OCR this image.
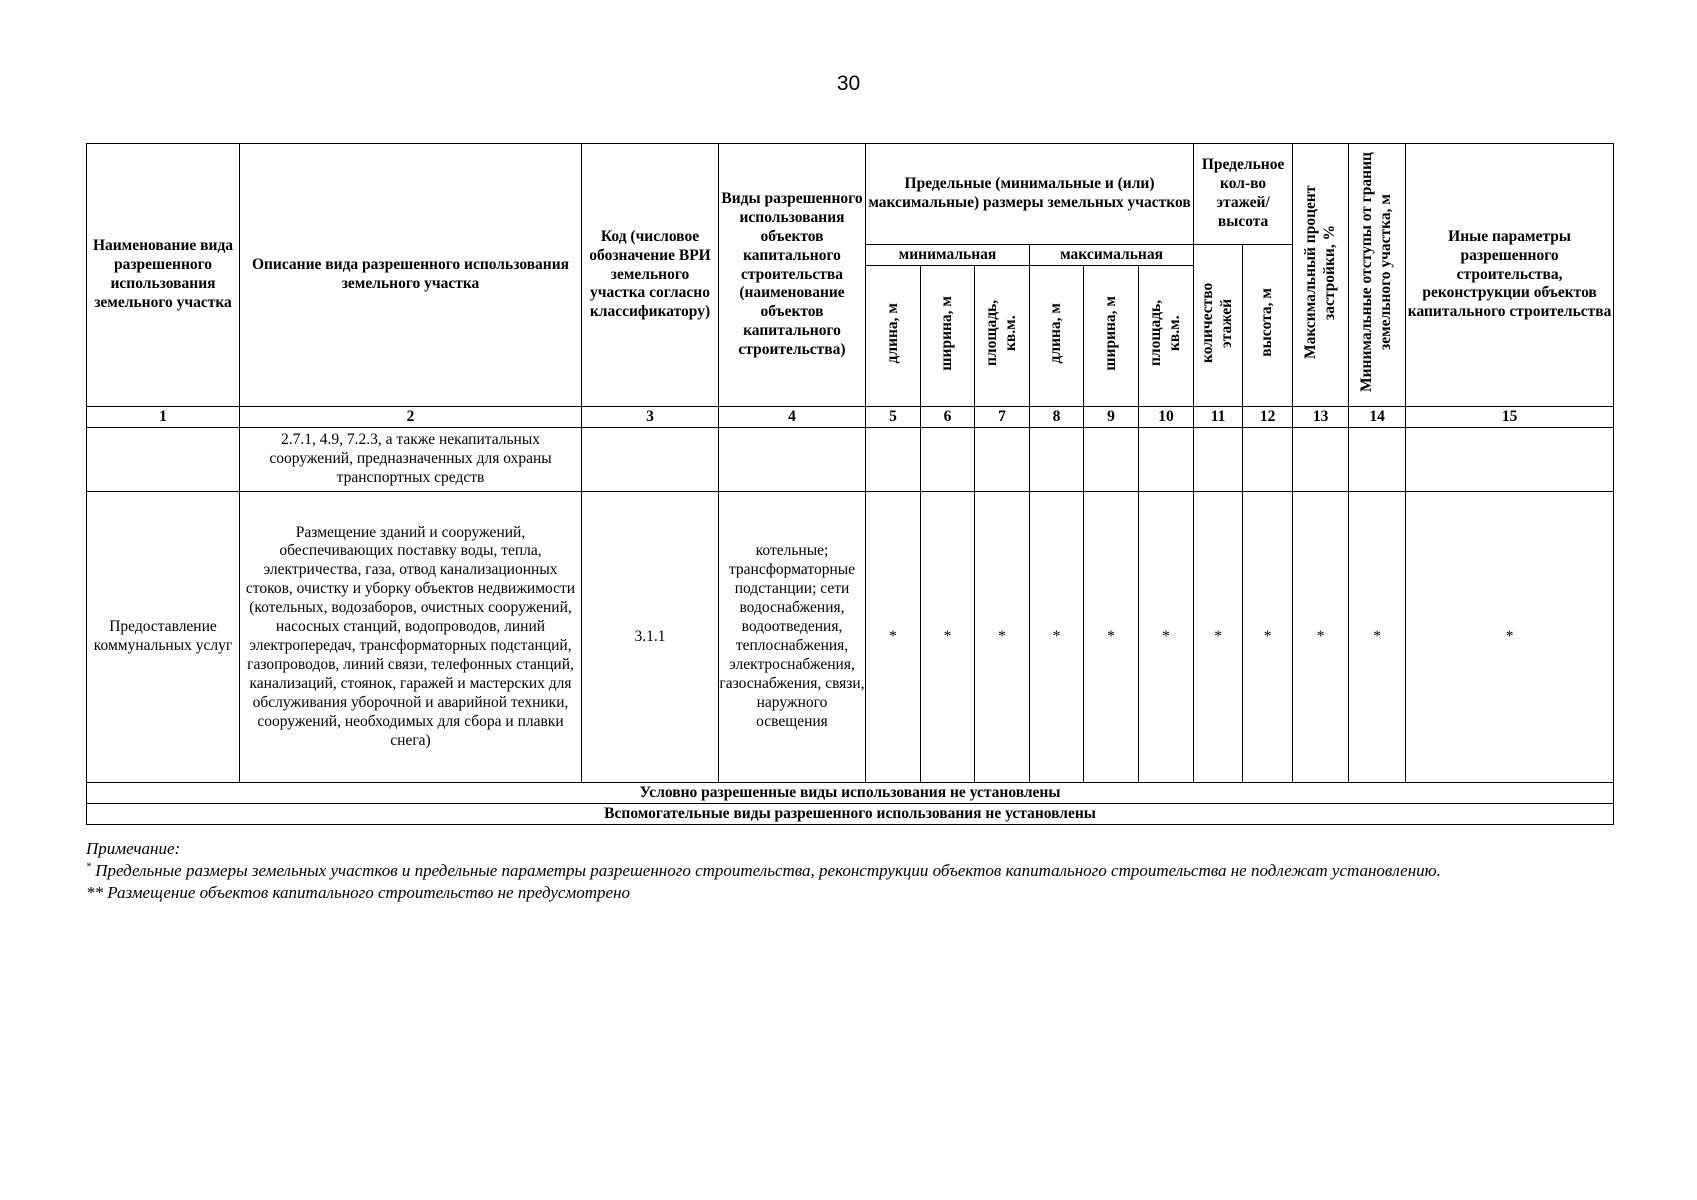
30
Наименование вида разрешенного использования земельного участка	Описание вида разрешенного использования земельного участка	Код (числовое обозначение ВРИ земельного участка согласно классификатору)	Виды разрешенного использования объектов капитального строительства (наименование объектов капитального строительства)	Предельные (минимальные и (или) максимальные) размеры земельных участков						Предельное кол-во этажей/ высота		Максимальный процент застройки, %	Минимальные отступы от границ земельного участка, м	Иные параметры разрешенного строительства, реконструкции объектов капитального строительства
				минимальная			максимальная			количество этажей	высота, м			
				длина, м	ширина, м	площадь, кв.м.	длина, м	ширина, м	площадь, кв.м.					
1	2	3	4	5	6	7	8	9	10	11	12	13	14	15
	2.7.1, 4.9, 7.2.3, а также некапитальных сооружений, предназначенных для охраны транспортных средств													
Предоставление коммунальных услуг	Размещение зданий и сооружений, обеспечивающих поставку воды, тепла, электричества, газа, отвод канализационных стоков, очистку и уборку объектов недвижимости (котельных, водозаборов, очистных сооружений, насосных станций, водопроводов, линий электропередач, трансформаторных подстанций, газопроводов, линий связи, телефонных станций, канализаций, стоянок, гаражей и мастерских для обслуживания уборочной и аварийной техники, сооружений, необходимых для сбора и плавки снега)	3.1.1	котельные; трансформаторные подстанции; сети водоснабжения, водоотведения, теплоснабжения, электроснабжения, газоснабжения, связи, наружного освещения	*	*	*	*	*	*	*	*	*	*	*
Условно разрешенные виды использования не установлены														
Вспомогательные виды разрешенного использования не установлены														

Примечание:

* Предельные размеры земельных участков и предельные параметры разрешенного строительства, реконструкции объектов капитального строительства не подлежат установлению.

** Размещение объектов капитального строительство не предусмотрено
